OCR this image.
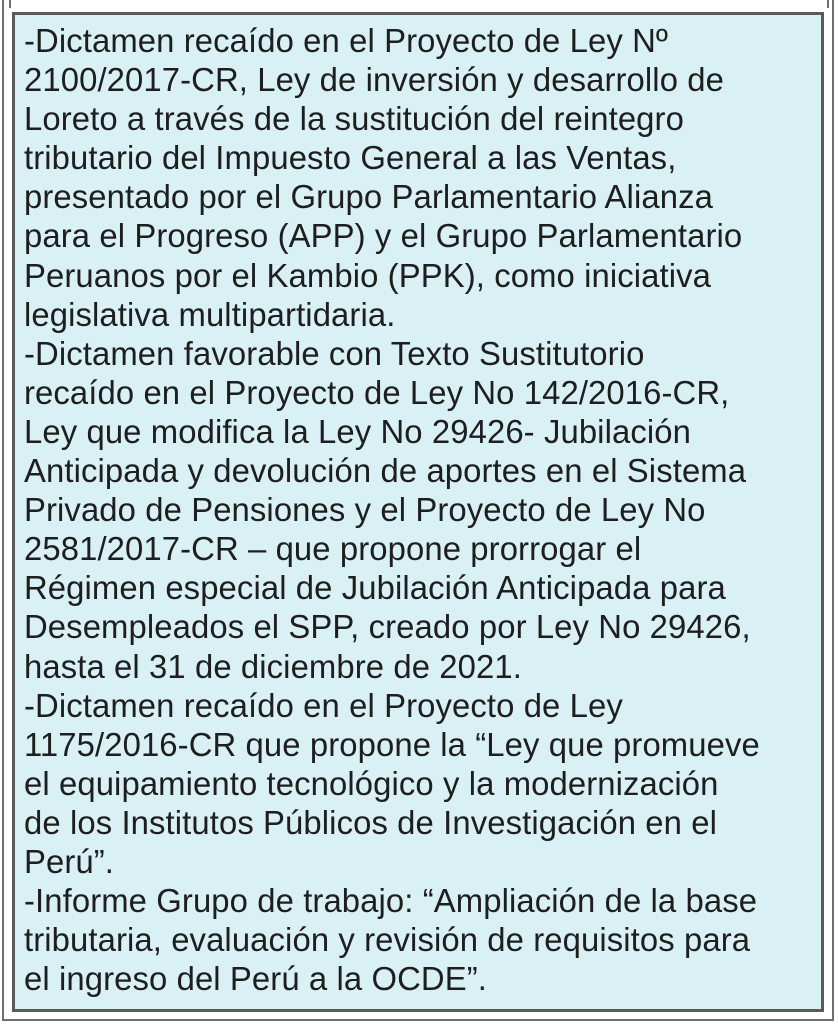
-Dictamen recaído en el Proyecto de Ley Nº
2100/2017-CR, Ley de inversión y desarrollo de
Loreto a través de la sustitución del reintegro
tributario del Impuesto General a las Ventas,
presentado por el Grupo Parlamentario Alianza
para el Progreso (APP) y el Grupo Parlamentario
Peruanos por el Kambio (PPK), como iniciativa
legislativa multipartidaria.
-Dictamen favorable con Texto Sustitutorio
recaído en el Proyecto de Ley No 142/2016-CR,
Ley que modifica la Ley No 29426- Jubilación
Anticipada y devolución de aportes en el Sistema
Privado de Pensiones y el Proyecto de Ley No
2581/2017-CR – que propone prorrogar el
Régimen especial de Jubilación Anticipada para
Desempleados el SPP, creado por Ley No 29426,
hasta el 31 de diciembre de 2021.
-Dictamen recaído en el Proyecto de Ley
1175/2016-CR que propone la “Ley que promueve
el equipamiento tecnológico y la modernización
de los Institutos Públicos de Investigación en el
Perú”.
-Informe Grupo de trabajo: “Ampliación de la base
tributaria, evaluación y revisión de requisitos para
el ingreso del Perú a la OCDE”.
